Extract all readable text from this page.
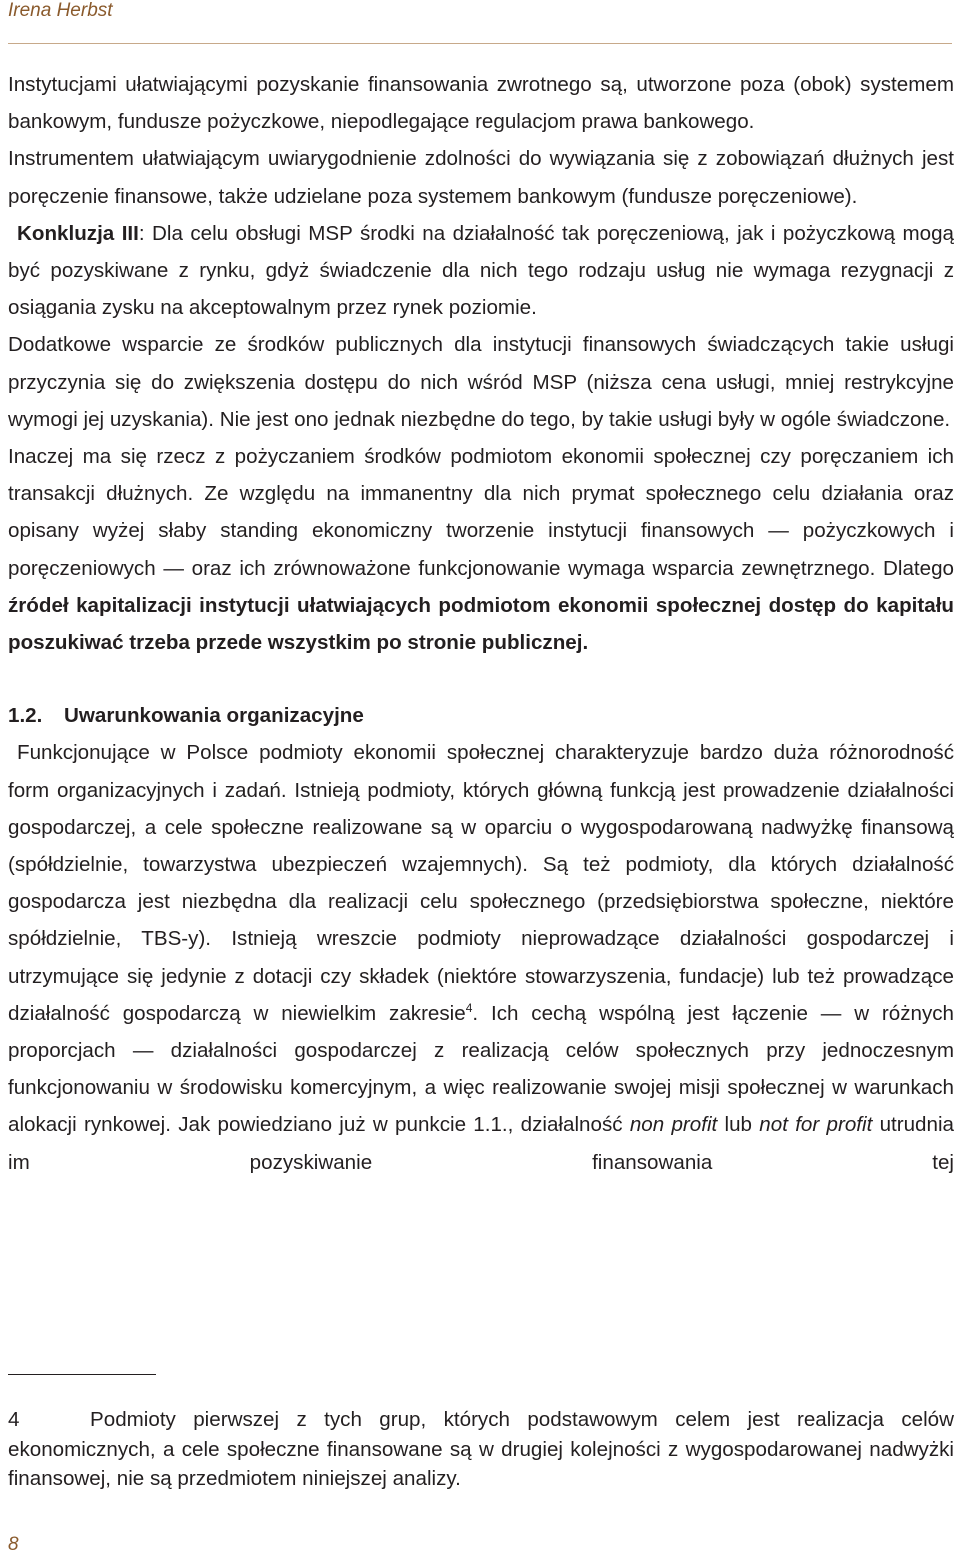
Irena Herbst

Instytucjami ułatwiającymi pozyskanie finansowania zwrotnego są, utworzone poza (obok) systemem bankowym, fundusze pożyczkowe, niepodlegające regulacjom prawa bankowego.

Instrumentem ułatwiającym uwiarygodnienie zdolności do wywiązania się z zobowiązań dłużnych jest poręczenie finansowe, także udzielane poza systemem bankowym (fundusze poręczeniowe).

Konkluzja III: Dla celu obsługi MSP środki na działalność tak poręczeniową, jak i pożyczkową mogą być pozyskiwane z rynku, gdyż świadczenie dla nich tego rodzaju usług nie wymaga rezygnacji z osiągania zysku na akceptowalnym przez rynek poziomie.

Dodatkowe wsparcie ze środków publicznych dla instytucji finansowych świadczących takie usługi przyczynia się do zwiększenia dostępu do nich wśród MSP (niższa cena usługi, mniej restrykcyjne wymogi jej uzyskania). Nie jest ono jednak niezbędne do tego, by takie usługi były w ogóle świadczone.

Inaczej ma się rzecz z pożyczaniem środków podmiotom ekonomii społecznej czy poręczaniem ich transakcji dłużnych. Ze względu na immanentny dla nich prymat społecznego celu działania oraz opisany wyżej słaby standing ekonomiczny tworzenie instytucji finansowych — pożyczkowych i poręczeniowych — oraz ich zrównoważone funkcjonowanie wymaga wsparcia zewnętrznego. Dlatego źródeł kapitalizacji instytucji ułatwiających podmiotom ekonomii społecznej dostęp do kapitału poszukiwać trzeba przede wszystkim po stronie publicznej.

1.2. Uwarunkowania organizacyjne

Funkcjonujące w Polsce podmioty ekonomii społecznej charakteryzuje bardzo duża różnorodność form organizacyjnych i zadań. Istnieją podmioty, których główną funkcją jest prowadzenie działalności gospodarczej, a cele społeczne realizowane są w oparciu o wygospodarowaną nadwyżkę finansową (spółdzielnie, towarzystwa ubezpieczeń wzajemnych). Są też podmioty, dla których działalność gospodarcza jest niezbędna dla realizacji celu społecznego (przedsiębiorstwa społeczne, niektóre spółdzielnie, TBS-y). Istnieją wreszcie podmioty nieprowadzące działalności gospodarczej i utrzymujące się jedynie z dotacji czy składek (niektóre stowarzyszenia, fundacje) lub też prowadzące działalność gospodarczą w niewielkim zakresie$^4$. Ich cechą wspólną jest łączenie — w różnych proporcjach — działalności gospodarczej z realizacją celów społecznych przy jednoczesnym funkcjonowaniu w środowisku komercyjnym, a więc realizowanie swojej misji społecznej w warunkach alokacji rynkowej. Jak powiedziano już w punkcie 1.1., działalność non profit lub not for profit utrudnia im pozyskiwanie finansowania tej

4	Podmioty pierwszej z tych grup, których podstawowym celem jest realizacja celów ekonomicznych, a cele społeczne finansowane są w drugiej kolejności z wygospodarowanej nadwyżki finansowej, nie są przedmiotem niniejszej analizy.
8
